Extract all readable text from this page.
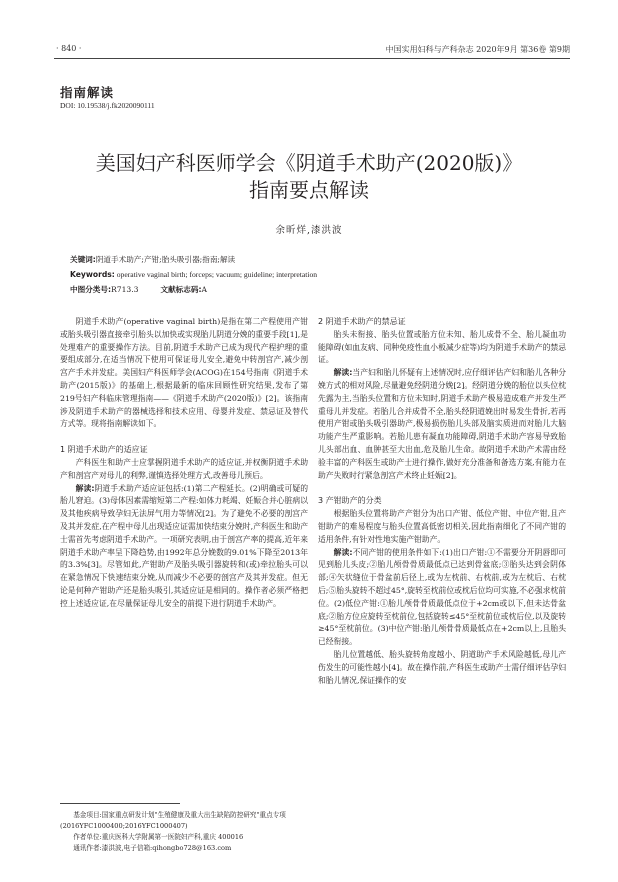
· 840 ·	中国实用妇科与产科杂志 2020年9月 第36卷 第9期
指南解读
DOI: 10.19538/j.fk2020090111
美国妇产科医师学会《阴道手术助产(2020版)》
指南要点解读
余昕烊,漆洪波
关键词:阴道手术助产;产钳;胎头吸引器;指南;解读
Keywords: operative vaginal birth; forceps; vacuum; guideline; interpretation
中图分类号:R713.3	文献标志码:A

阴道手术助产(operative vaginal birth)是指在第二产程使用产钳或胎头吸引器直接牵引胎头以加快或实现胎儿阴道分娩的重要手段[1],是处理难产的重要操作方法。目前,阴道手术助产已成为现代产程护理的重要组成部分,在适当情况下使用可保证母儿安全,避免中转剖宫产,减少剖宫产手术并发症。美国妇产科医师学会(ACOG)在154号指南《阴道手术助产(2015版)》的基础上,根据最新的临床回顾性研究结果,发布了第219号妇产科临床管理指南——《阴道手术助产(2020版)》[2]。该指南涉及阴道手术助产的器械选择和技术应用、母婴并发症、禁忌证及替代方式等。现将指南解读如下。

1 阴道手术助产的适应证

产科医生和助产士应掌握阴道手术助产的适应证,并权衡阴道手术助产和剖宫产对母儿的利弊,谨慎选择处理方式,改善母儿预后。

解读:阴道手术助产适应证包括:(1)第二产程延长。(2)明确或可疑的胎儿窘迫。(3)母体因素需缩短第二产程:如体力耗竭、妊娠合并心脏病以及其他疾病导致孕妇无法屏气用力等情况[2]。为了避免不必要的剖宫产及其并发症,在产程中母儿出现适应证需加快结束分娩时,产科医生和助产士需首先考虑阴道手术助产。一项研究表明,由于剖宫产率的提高,近年来阴道手术助产率呈下降趋势,由1992年总分娩数的9.01%下降至2013年的3.3%[3]。尽管如此,产钳助产及胎头吸引器旋转和(或)牵拉胎头可以在紧急情况下快速结束分娩,从而减少不必要的剖宫产及其并发症。但无论是何种产钳助产还是胎头吸引,其适应证是相同的。操作者必须严格把控上述适应证,在尽量保证母儿安全的前提下进行阴道手术助产。

2 阴道手术助产的禁忌证

胎头未衔接、胎头位置或胎方位未知、胎儿成骨不全、胎儿凝血功能障碍(如血友病、同种免疫性血小板减少症等)均为阴道手术助产的禁忌证。

解读:当产妇和胎儿怀疑有上述情况时,应仔细评估产妇和胎儿各种分娩方式的相对风险,尽量避免经阴道分娩[2]。经阴道分娩的胎位以头位枕先露为主,当胎头位置和方位未知时,阴道手术助产极易造成难产并发生严重母儿并发症。若胎儿合并成骨不全,胎头经阴道娩出时易发生骨折,若再使用产钳或胎头吸引器助产,极易损伤胎儿头部及脑实质进而对胎儿大脑功能产生严重影响。若胎儿患有凝血功能障碍,阴道手术助产容易导致胎儿头部出血、血肿甚至大出血,危及胎儿生命。故阴道手术助产术需由经验丰富的产科医生或助产士进行操作,做好充分准备和备选方案,有能力在助产失败时行紧急剖宫产术终止妊娠[2]。

3 产钳助产的分类

根据胎头位置将助产产钳分为出口产钳、低位产钳、中位产钳,且产钳助产的难易程度与胎头位置高低密切相关,因此指南细化了不同产钳的适用条件,有针对性地实施产钳助产。

解读:不同产钳的使用条件如下:(1)出口产钳:①不需要分开阴唇即可见到胎儿头皮;②胎儿颅骨骨质最低点已达到骨盆底;③胎头达到会阴体部;④矢状缝位于骨盆前后径上,或为左枕前、右枕前,或为左枕后、右枕后;⑤胎头旋转不超过45°,旋转至枕前位或枕后位均可实施,不必强求枕前位。(2)低位产钳:①胎儿颅骨骨质最低点位于+2cm或以下,但未达骨盆底;②胎方位应旋转至枕前位,包括旋转≤45°至枕前位或枕后位,以及旋转≥45°至枕前位。(3)中位产钳:胎儿颅骨骨质最低点在+2cm以上,且胎头已经衔接。

胎儿位置越低、胎头旋转角度越小、阴道助产手术风险越低,母儿产伤发生的可能性越小[4]。故在操作前,产科医生或助产士需仔细评估孕妇和胎儿情况,保证操作的安

基金项目:国家重点研发计划"生殖健康及重大出生缺陷防控研究"重点专项(2016YFC1000400;2016YFC1000407)

作者单位:重庆医科大学附属第一医院妇产科,重庆 400016

通讯作者:漆洪波,电子信箱:qihongbo728@163.com
